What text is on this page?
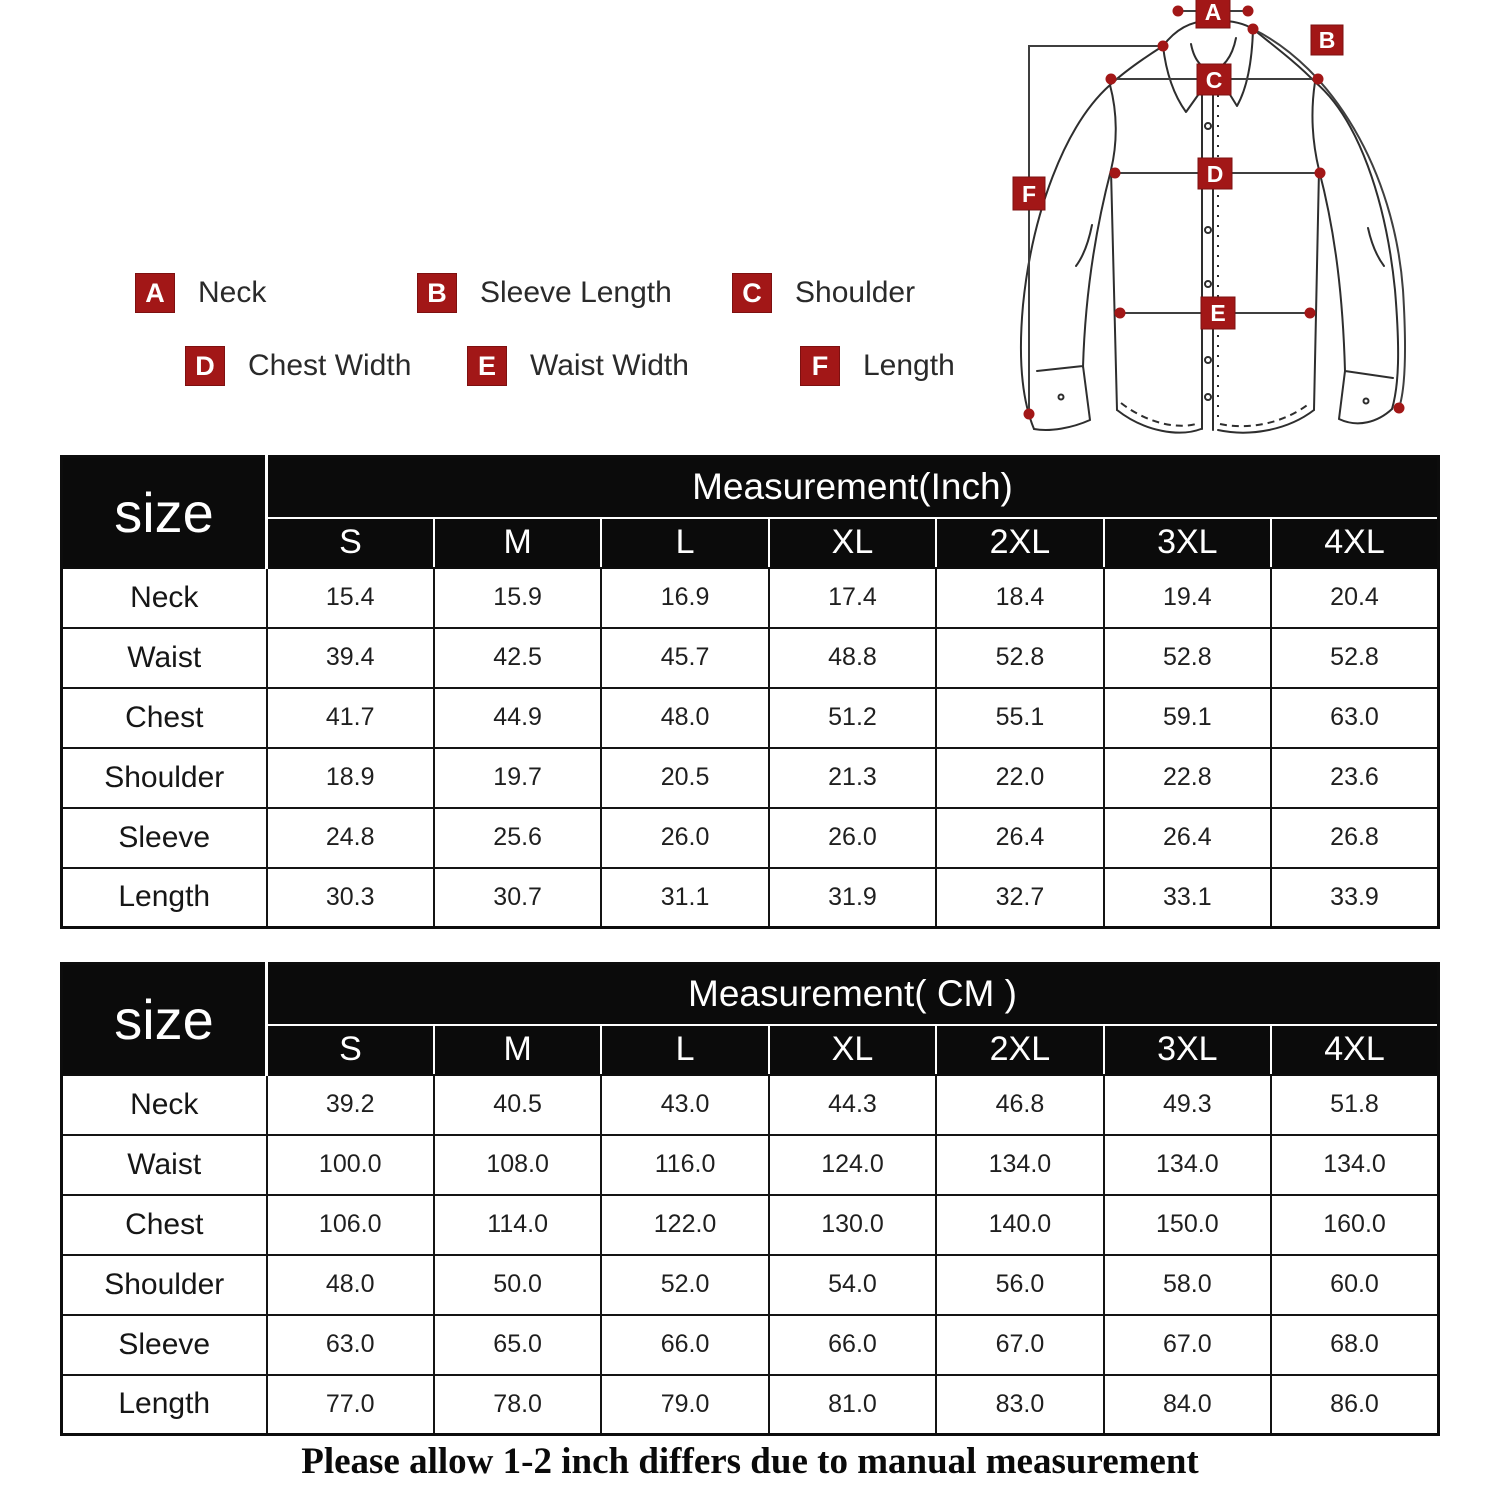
A
B
C
D
E
F
A	Neck	B	Sleeve Length	C	Shoulder
D	Chest Width	E	Waist Width	F	Length
size	Measurement(Inch)						
	S	M	L	XL	2XL	3XL	4XL
Neck	15.4	15.9	16.9	17.4	18.4	19.4	20.4
Waist	39.4	42.5	45.7	48.8	52.8	52.8	52.8
Chest	41.7	44.9	48.0	51.2	55.1	59.1	63.0
Shoulder	18.9	19.7	20.5	21.3	22.0	22.8	23.6
Sleeve	24.8	25.6	26.0	26.0	26.4	26.4	26.8
Length	30.3	30.7	31.1	31.9	32.7	33.1	33.9
size	Measurement( CM )						
	S	M	L	XL	2XL	3XL	4XL
Neck	39.2	40.5	43.0	44.3	46.8	49.3	51.8
Waist	100.0	108.0	116.0	124.0	134.0	134.0	134.0
Chest	106.0	114.0	122.0	130.0	140.0	150.0	160.0
Shoulder	48.0	50.0	52.0	54.0	56.0	58.0	60.0
Sleeve	63.0	65.0	66.0	66.0	67.0	67.0	68.0
Length	77.0	78.0	79.0	81.0	83.0	84.0	86.0
Please allow 1-2 inch differs due to manual measurement
